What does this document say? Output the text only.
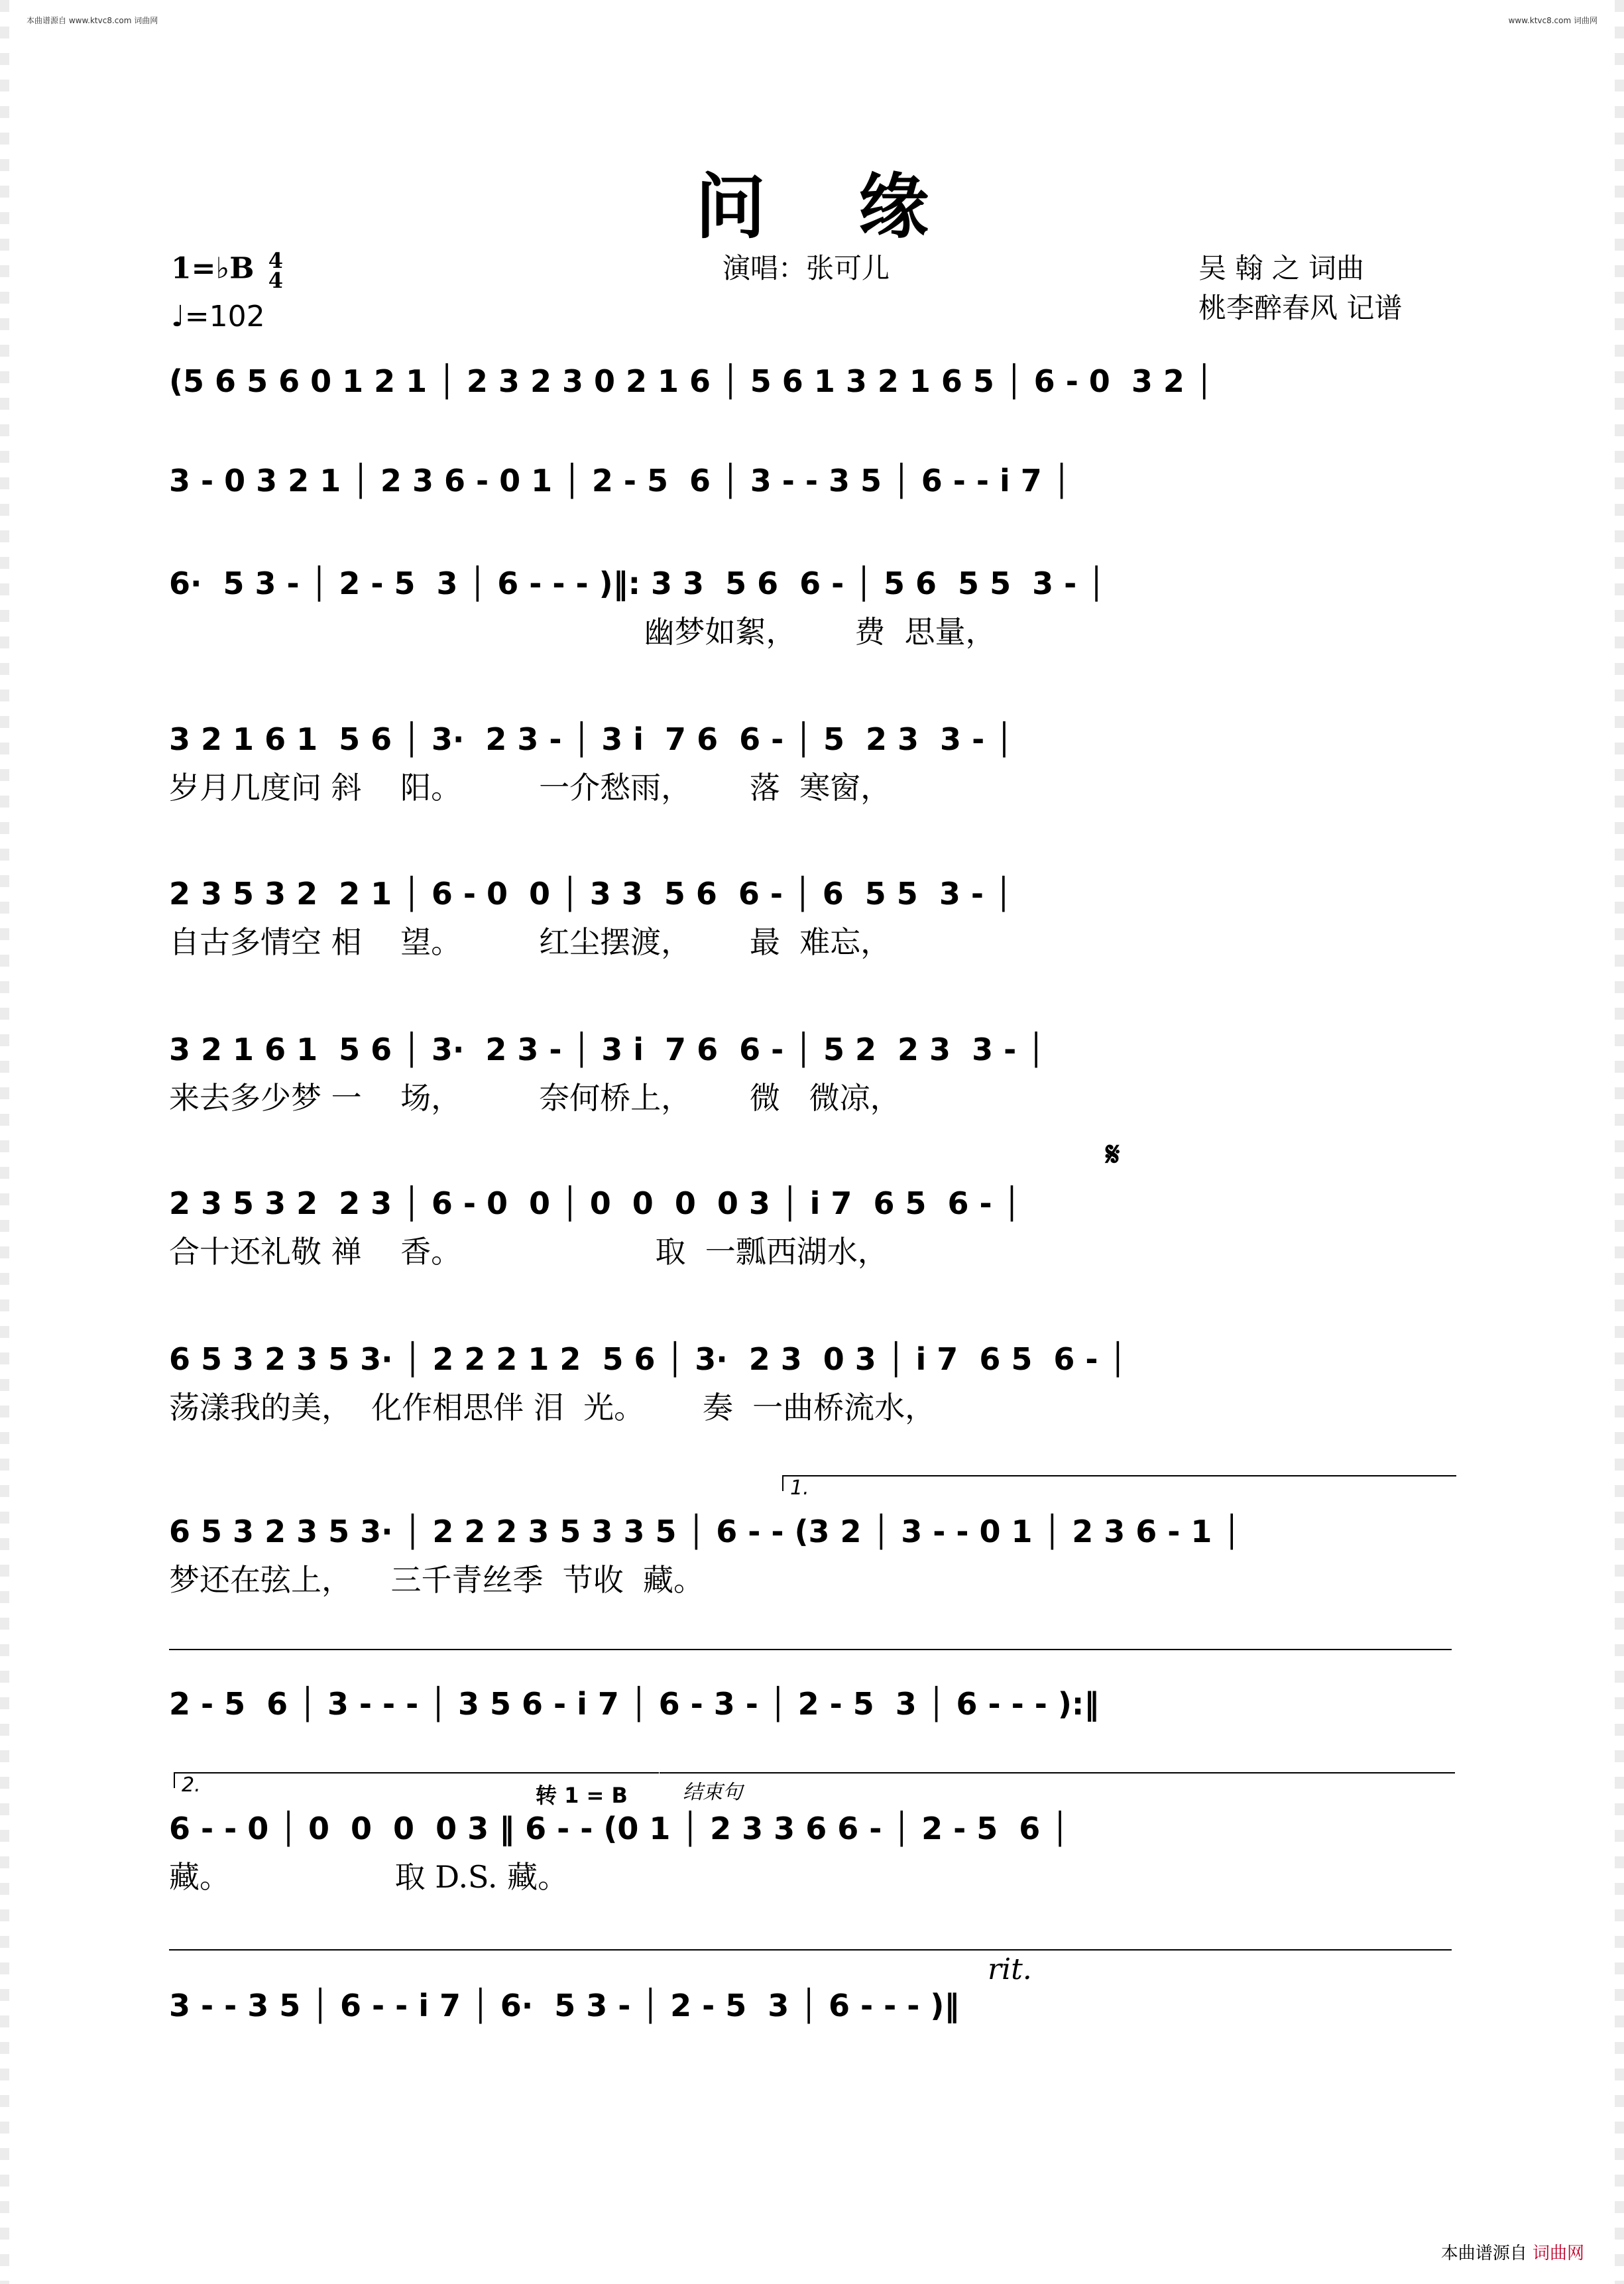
本曲谱源自 www.ktvc8.com 词曲网	www.ktvc8.com 词曲网
问缘
演唱：张可儿	吴 翰 之 词曲
桃李醉春风 记谱
1=♭B 4
4
♩=102
(5 6 5 6 0 1 2 1 │ 2 3 2 3 0 2 1 6 │ 5 6 1 3 2 1 6 5 │ 6 - 0  3 2 │
3 - 0 3 2 1 │ 2 3 6 - 0 1 │ 2 - 5  6 │ 3 - - 3 5 │ 6 - - i 7 │
6·  5 3 - │ 2 - 5  3 │ 6 - - - )‖: 3 3  5 6  6 - │ 5 6  5 5  3 - │
幽梦如絮，      费  思量，
3 2 1 6 1  5 6 │ 3·  2 3 - │ 3 i  7 6  6 - │ 5  2 3  3 - │
岁月几度问 斜    阳。        一介愁雨，      落  寒窗，
2 3 5 3 2  2 1 │ 6 - 0  0 │ 3 3  5 6  6 - │ 6  5 5  3 - │
自古多情空 相    望。        红尘摆渡，      最  难忘，
3 2 1 6 1  5 6 │ 3·  2 3 - │ 3 i  7 6  6 - │ 5 2  2 3  3 - │
来去多少梦 一    场，        奈何桥上，      微   微凉，
𝄋
2 3 5 3 2  2 3 │ 6 - 0  0 │ 0  0  0  0 3 │ i 7  6 5  6 - │
合十还礼敬 禅    香。                    取  一瓢西湖水，
6 5 3 2 3 5 3· │ 2 2 2 1 2  5 6 │ 3·  2 3  0 3 │ i 7  6 5  6 - │
荡漾我的美，  化作相思伴 泪  光。      奏  一曲桥流水，
1.
6 5 3 2 3 5 3· │ 2 2 2 3 5 3 3 5 │ 6 - - (3 2 │ 3 - - 0 1 │ 2 3 6 - 1 │
梦还在弦上，    三千青丝季  节收  藏。
2 - 5  6 │ 3 - - - │ 3 5 6 - i 7 │ 6 - 3 - │ 2 - 5  3 │ 6 - - - ):‖
2.	转 1 = B	结束句
6 - - 0 │ 0  0  0  0 3 ‖ 6 - - (0 1 │ 2 3 3 6 6 - │ 2 - 5  6 │
藏。                 取 D.S. 藏。
rit.
3 - - 3 5 │ 6 - - i 7 │ 6·  5 3 - │ 2 - 5  3 │ 6 - - - )‖
本曲谱源自 词曲网
